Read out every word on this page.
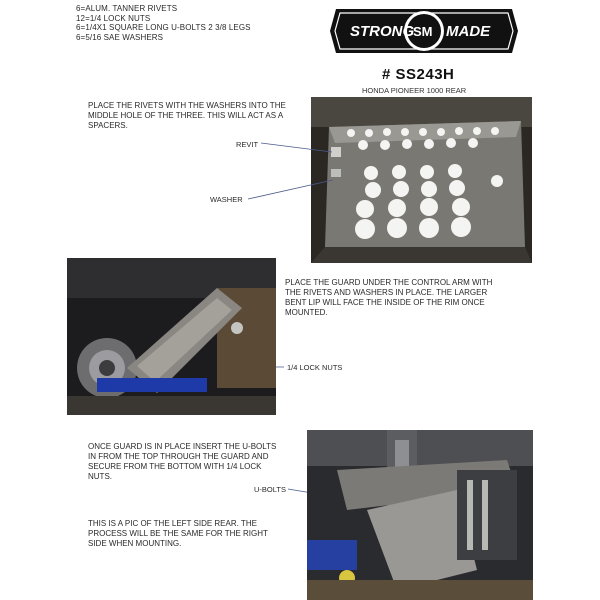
6=ALUM. TANNER RIVETS
12=1/4 LOCK NUTS
6=1/4X1 SQUARE LONG U-BOLTS 2 3/8 LEGS
6=5/16 SAE WASHERS	STRONG
SM MADE
# SS243H
HONDA PIONEER 1000 REAR
PLACE THE RIVETS WITH THE WASHERS INTO THE MIDDLE HOLE OF THE THREE. THIS WILL ACT AS A SPACERS.
REVIT
WASHER
PLACE THE GUARD UNDER THE CONTROL ARM WITH THE RIVETS AND WASHERS IN PLACE. THE LARGER BENT LIP WILL FACE THE INSIDE OF THE RIM ONCE MOUNTED.
1/4 LOCK NUTS
ONCE GUARD IS IN PLACE INSERT THE U-BOLTS IN FROM THE TOP THROUGH THE GUARD AND SECURE FROM THE BOTTOM WITH 1/4 LOCK NUTS.
U-BOLTS
THIS IS A PIC OF THE LEFT SIDE REAR. THE PROCESS WILL BE THE SAME FOR THE RIGHT SIDE WHEN MOUNTING.
